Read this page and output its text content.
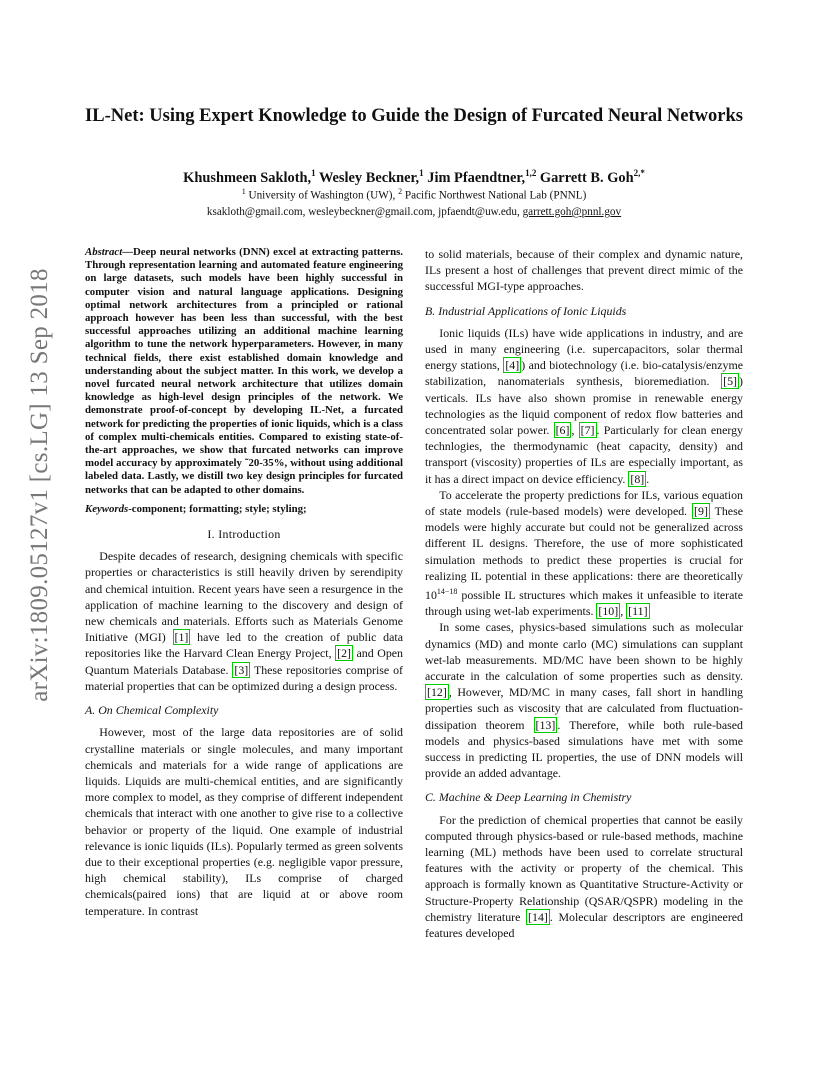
arXiv:1809.05127v1 [cs.LG] 13 Sep 2018
IL-Net: Using Expert Knowledge to Guide the Design of Furcated Neural Networks
Khushmeen Sakloth,$^1$ Wesley Beckner,$^1$ Jim Pfaendtner,$^{1,2}$ Garrett B. Goh$^{2,*}$
$^1$ University of Washington (UW), $^2$ Pacific Northwest National Lab (PNNL)
ksakloth@gmail.com, wesleybeckner@gmail.com, jpfaendt@uw.edu, garrett.goh@pnnl.gov

Abstract—Deep neural networks (DNN) excel at extracting patterns. Through representation learning and automated feature engineering on large datasets, such models have been highly successful in computer vision and natural language applications. Designing optimal network architectures from a principled or rational approach however has been less than successful, with the best successful approaches utilizing an additional machine learning algorithm to tune the network hyperparameters. However, in many technical fields, there exist established domain knowledge and understanding about the subject matter. In this work, we develop a novel furcated neural network architecture that utilizes domain knowledge as high-level design principles of the network. We demonstrate proof-of-concept by developing IL-Net, a furcated network for predicting the properties of ionic liquids, which is a class of complex multi-chemicals entities. Compared to existing state-of-the-art approaches, we show that furcated networks can improve model accuracy by approximately ˜20-35%, without using additional labeled data. Lastly, we distill two key design principles for furcated networks that can be adapted to other domains.

Keywords-component; formatting; style; styling;

I. Introduction

Despite decades of research, designing chemicals with specific properties or characteristics is still heavily driven by serendipity and chemical intuition. Recent years have seen a resurgence in the application of machine learning to the discovery and design of new chemicals and materials. Efforts such as Materials Genome Initiative (MGI) [1] have led to the creation of public data repositories like the Harvard Clean Energy Project, [2] and Open Quantum Materials Database. [3] These repositories comprise of material properties that can be optimized during a design process.

A. On Chemical Complexity

However, most of the large data repositories are of solid crystalline materials or single molecules, and many important chemicals and materials for a wide range of applications are liquids. Liquids are multi-chemical entities, and are significantly more complex to model, as they comprise of different independent chemicals that interact with one another to give rise to a collective behavior or property of the liquid. One example of industrial relevance is ionic liquids (ILs). Popularly termed as green solvents due to their exceptional properties (e.g. negligible vapor pressure, high chemical stability), ILs comprise of charged chemicals(paired ions) that are liquid at or above room temperature. In contrast

to solid materials, because of their complex and dynamic nature, ILs present a host of challenges that prevent direct mimic of the successful MGI-type approaches.

B. Industrial Applications of Ionic Liquids

Ionic liquids (ILs) have wide applications in industry, and are used in many engineering (i.e. supercapacitors, solar thermal energy stations, [4] ) and biotechnology (i.e. bio-catalysis/enzyme stabilization, nanomaterials synthesis, bioremediation. [5] ) verticals. ILs have also shown promise in renewable energy technologies as the liquid component of redox flow batteries and concentrated solar power. [6] , [7] . Particularly for clean energy technlogies, the thermodynamic (heat capacity, density) and transport (viscosity) properties of ILs are especially important, as it has a direct impact on device efficiency. [8] .

To accelerate the property predictions for ILs, various equation of state models (rule-based models) were developed. [9] These models were highly accurate but could not be generalized across different IL designs. Therefore, the use of more sophisticated simulation methods to predict these properties is crucial for realizing IL potential in these applications: there are theoretically $10^{14-18}$ possible IL structures which makes it unfeasible to iterate through using wet-lab experiments. [10] , [11]

In some cases, physics-based simulations such as molecular dynamics (MD) and monte carlo (MC) simulations can supplant wet-lab measurements. MD/MC have been shown to be highly accurate in the calculation of some properties such as density. [12] , However, MD/MC in many cases, fall short in handling properties such as viscosity that are calculated from fluctuation-dissipation theorem [13] . Therefore, while both rule-based models and physics-based simulations have met with some success in predicting IL properties, the use of DNN models will provide an added advantage.

C. Machine & Deep Learning in Chemistry

For the prediction of chemical properties that cannot be easily computed through physics-based or rule-based methods, machine learning (ML) methods have been used to correlate structural features with the activity or property of the chemical. This approach is formally known as Quantitative Structure-Activity or Structure-Property Relationship (QSAR/QSPR) modeling in the chemistry literature [14] . Molecular descriptors are engineered features developed
